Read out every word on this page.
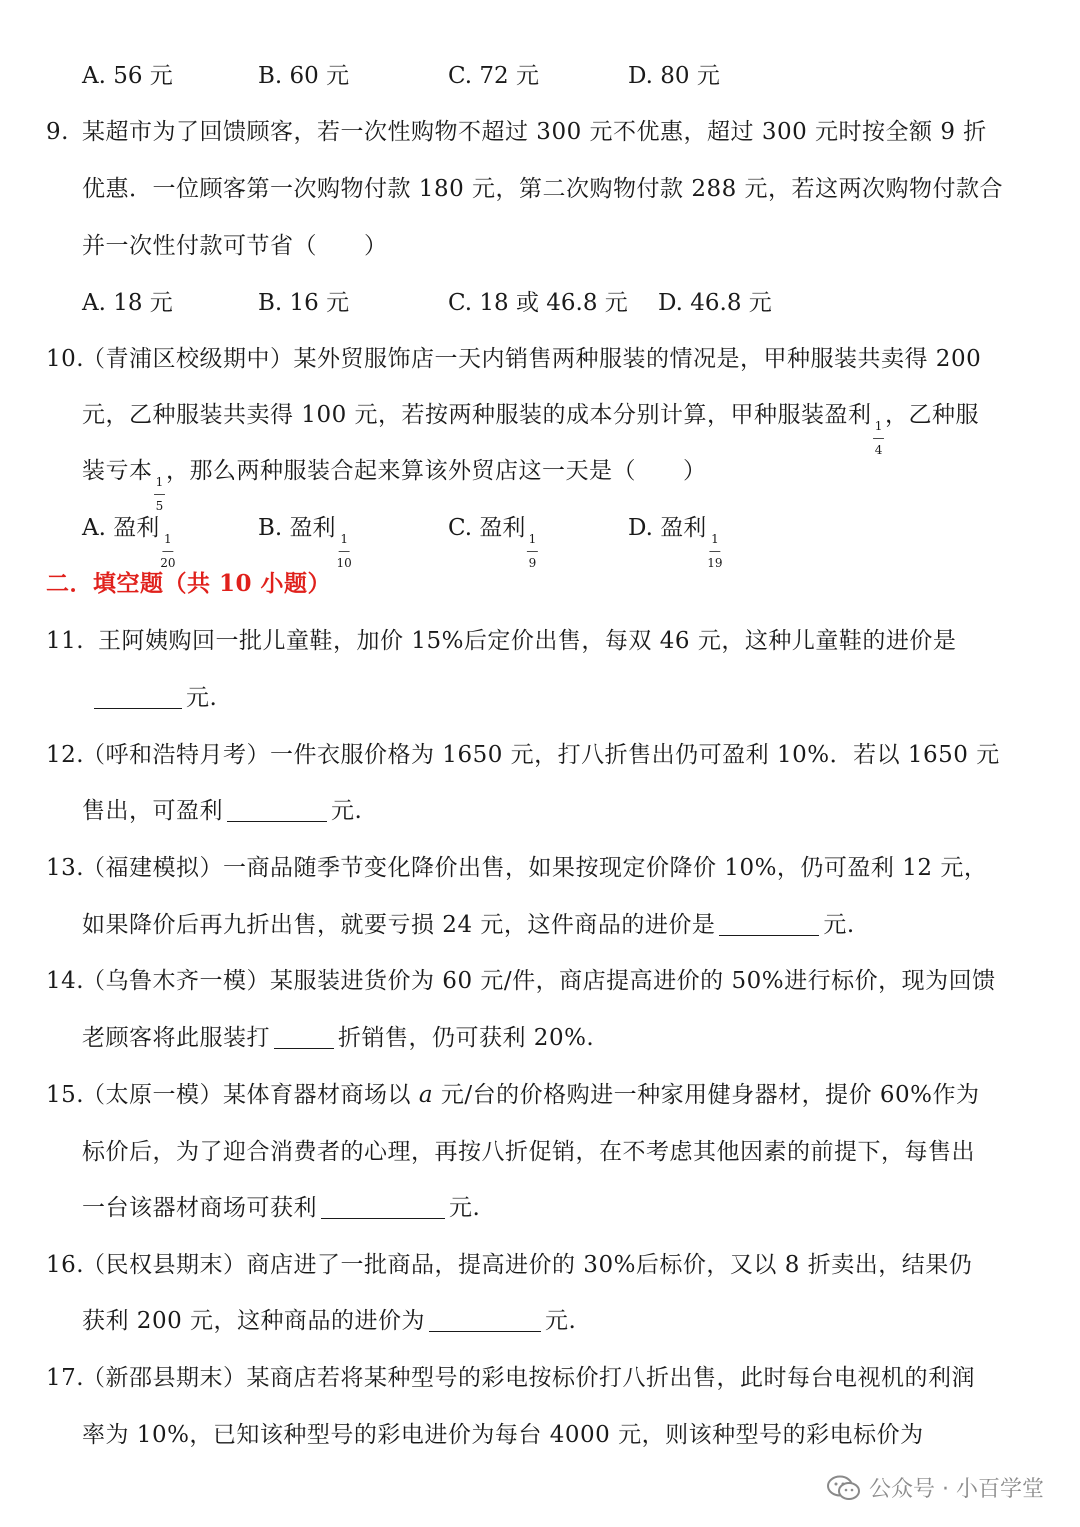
A. 56 元	B. 60 元	C. 72 元	D. 80 元
9. 某超市为了回馈顾客，若一次性购物不超过 300 元不优惠，超过 300 元时按全额 9 折
优惠．一位顾客第一次购物付款 180 元，第二次购物付款 288 元，若这两次购物付款合
并一次性付款可节省（　　）
A. 18 元	B. 16 元	C. 18 或 46.8 元 D. 46.8 元
10.
（青浦区校级期中）某外贸服饰店一天内销售两种服装的情况是，甲种服装共卖得 200
元，乙种服装共卖得 100 元，若按两种服装的成本分别计算，甲种服装盈利 1
—
4
，乙种服
装亏本 1
—
5
，那么两种服装合起来算该外贸店这一天是（　　）
A. 盈利 1
—
20
B. 盈利 1
—
10
C. 盈利 1
—
9
D. 盈利 1
—
19
二．填空题（共 10 小题）
11. 王阿姨购回一批儿童鞋，加价 15%后定价出售，每双 46 元，这种儿童鞋的进价是
元.
12.
（呼和浩特月考）一件衣服价格为 1650 元，打八折售出仍可盈利 10%．若以 1650 元
售出，可盈利	元.
13.
（福建模拟）一商品随季节变化降价出售，如果按现定价降价 10%，仍可盈利 12 元，
如果降价后再九折出售，就要亏损 24 元，这件商品的进价是	元.
14.
（乌鲁木齐一模）某服装进货价为 60 元/件，商店提高进价的 50%进行标价，现为回馈
老顾客将此服装打	折销售，仍可获利 20%.
15.
（太原一模）某体育器材商场以 a 元/台的价格购进一种家用健身器材，提价 60%作为
标价后，为了迎合消费者的心理，再按八折促销，在不考虑其他因素的前提下，每售出
一台该器材商场可获利	元.
16.
（民权县期末）商店进了一批商品，提高进价的 30%后标价，又以 8 折卖出，结果仍
获利 200 元，这种商品的进价为	元.
17.
（新邵县期末）某商店若将某种型号的彩电按标价打八折出售，此时每台电视机的利润
率为 10%，已知该种型号的彩电进价为每台 4000 元，则该种型号的彩电标价为
公众号 · 小百学堂
